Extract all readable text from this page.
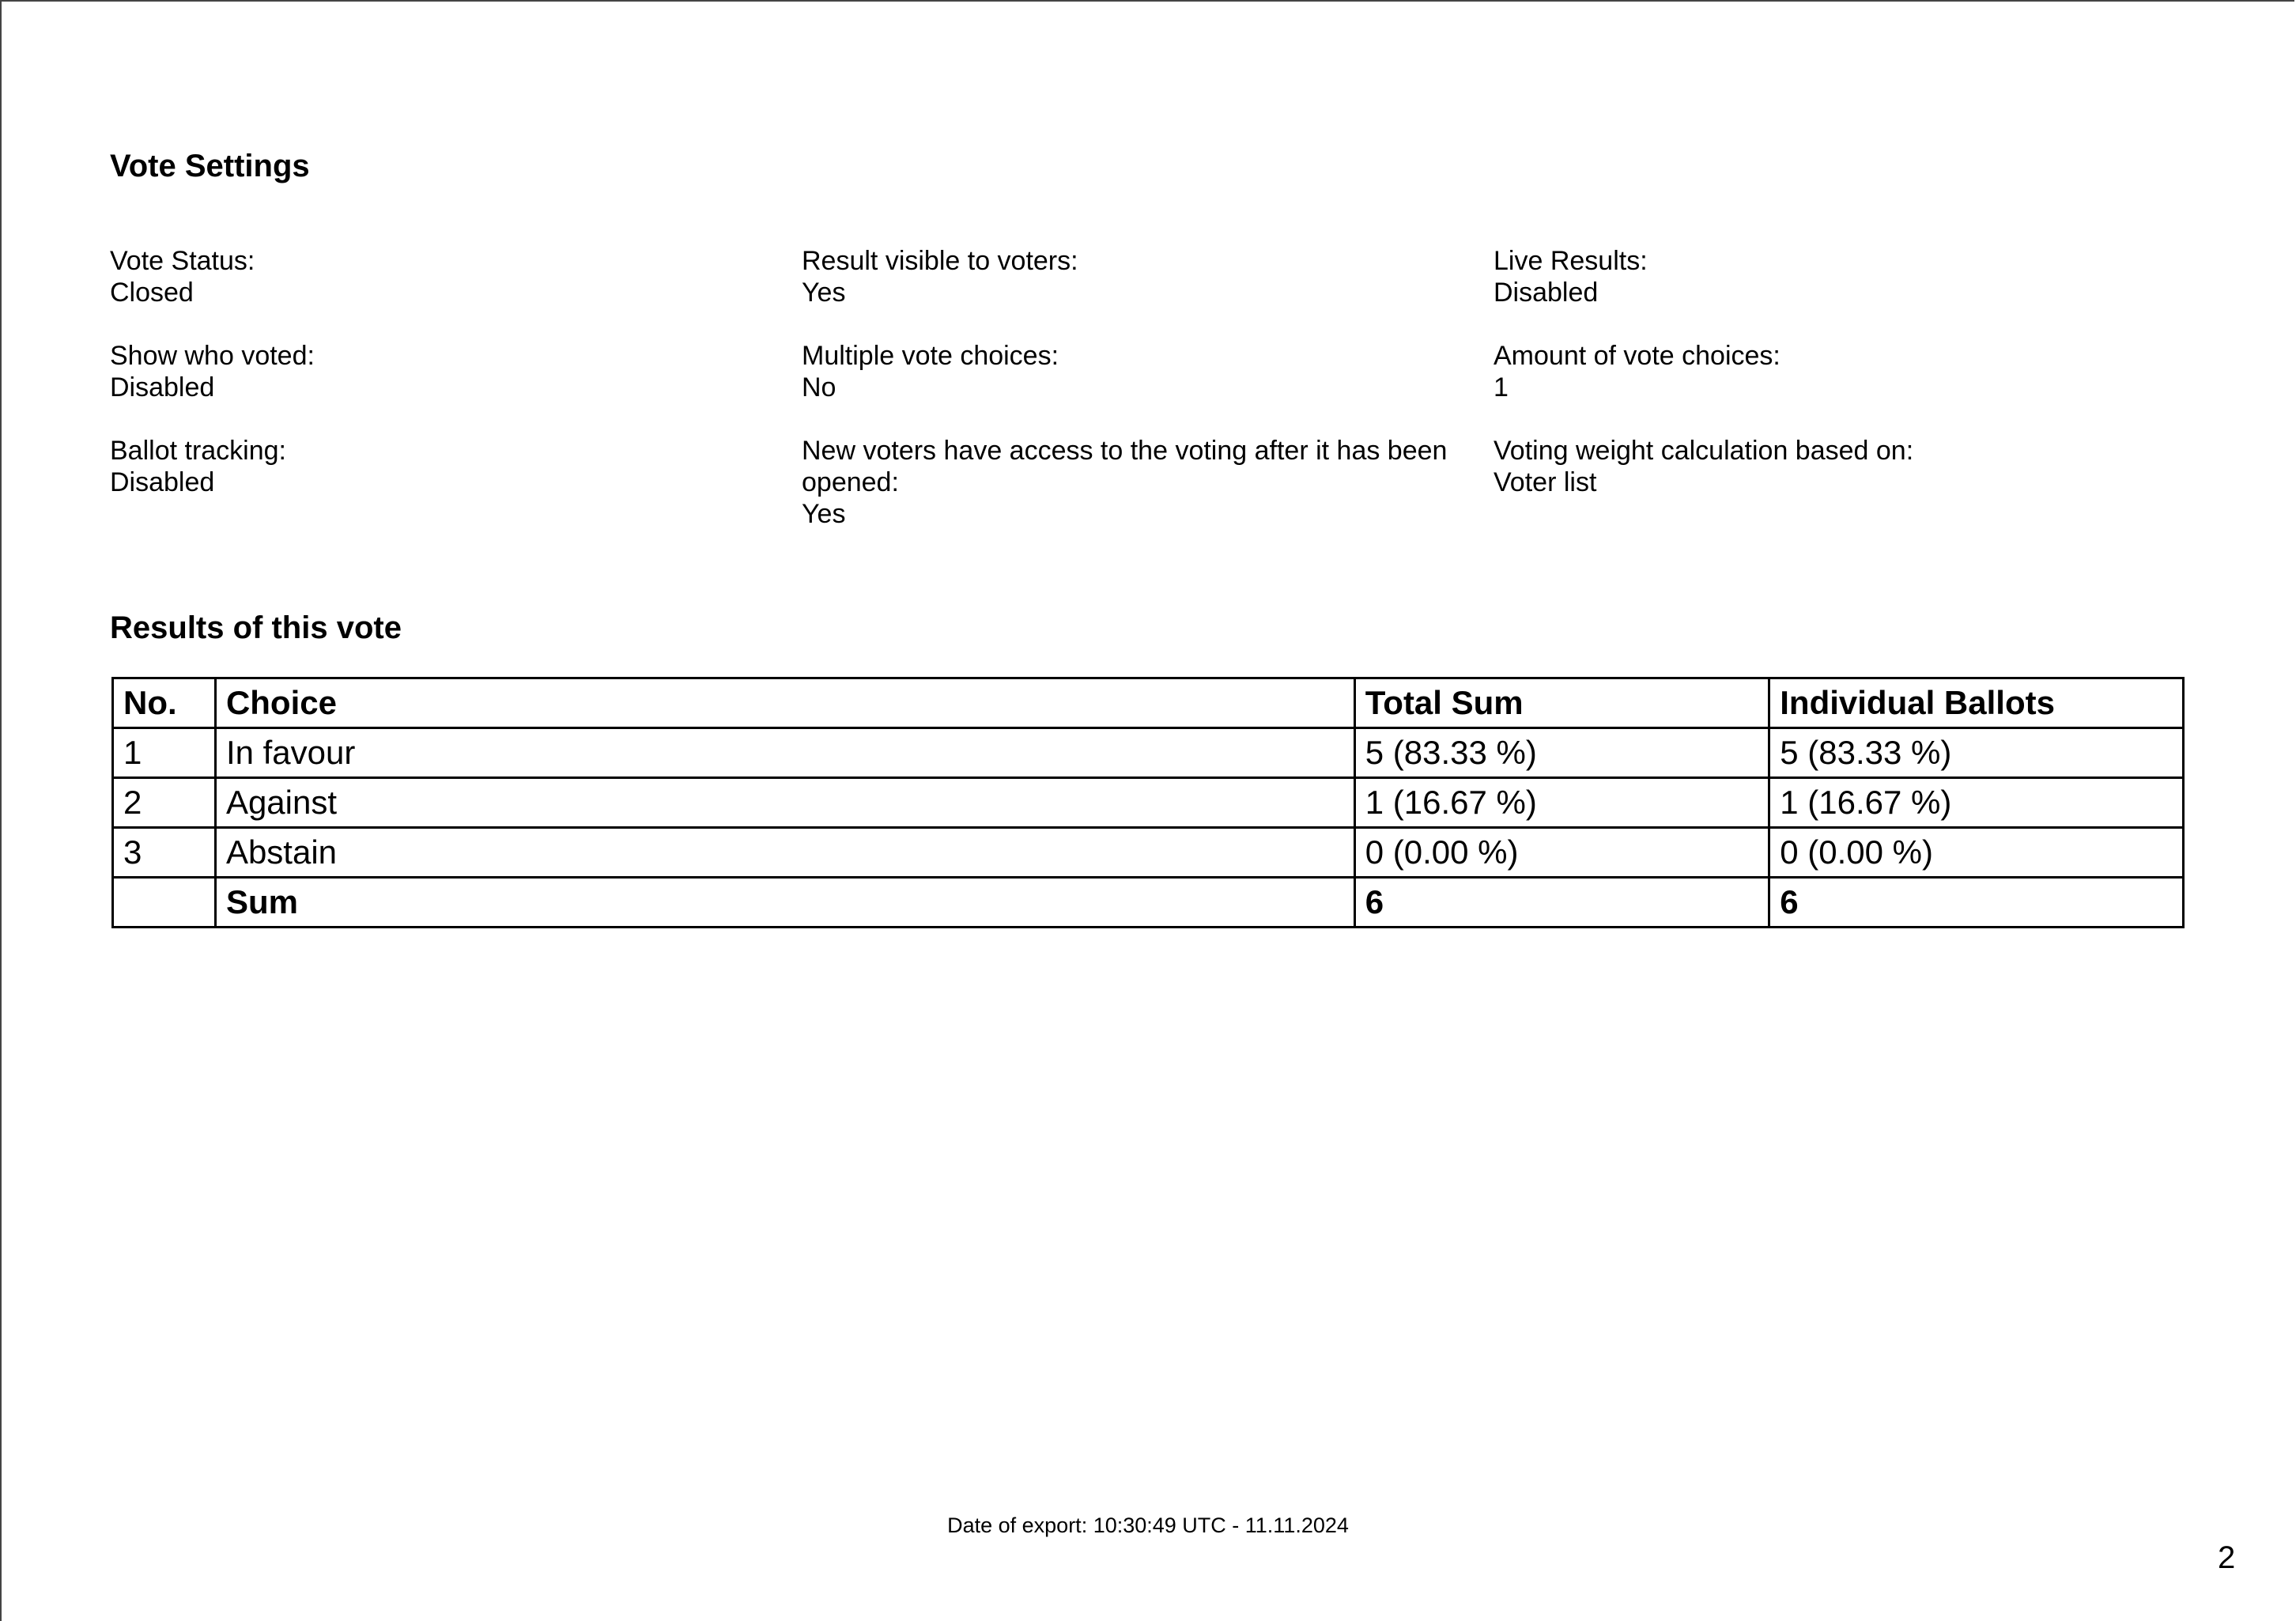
Vote Settings
Vote Status:
Closed
Result visible to voters:
Yes
Live Results:
Disabled
Show who voted:
Disabled
Multiple vote choices:
No
Amount of vote choices:
1
Ballot tracking:
Disabled
New voters have access to the voting after it has been opened:
Yes
Voting weight calculation based on:
Voter list
Results of this vote
No.	Choice	Total Sum	Individual Ballots
1	In favour	5 (83.33 %)	5 (83.33 %)
2	Against	1 (16.67 %)	1 (16.67 %)
3	Abstain	0 (0.00 %)	0 (0.00 %)
	Sum	6	6
Date of export: 10:30:49 UTC - 11.11.2024
2
